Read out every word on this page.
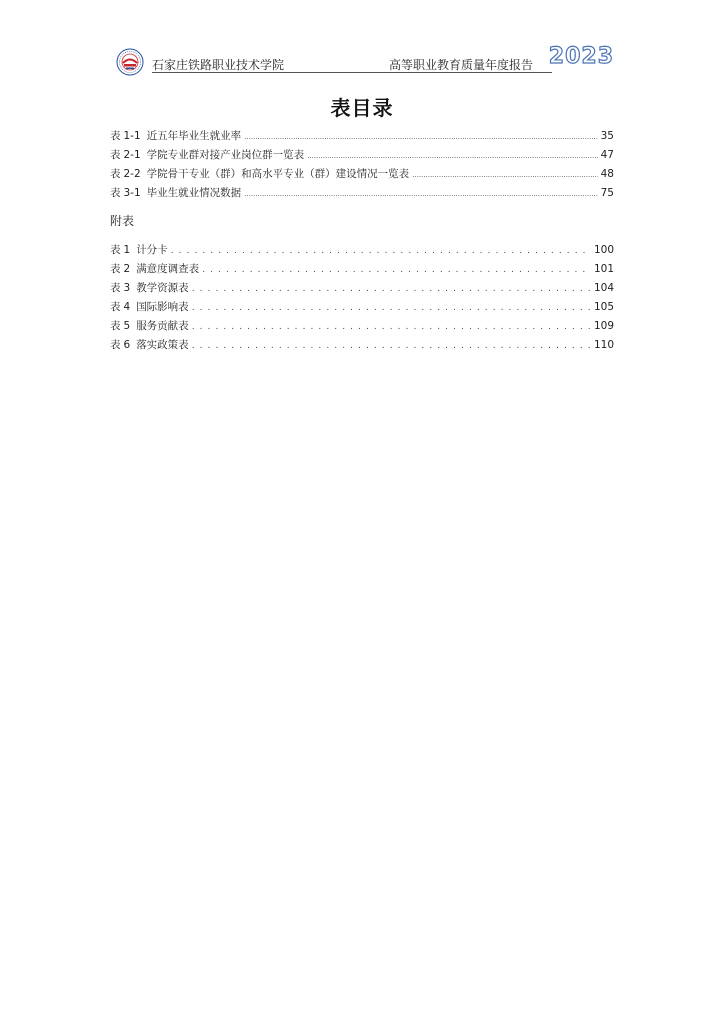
石家庄铁路职业技术学院	高等职业教育质量年度报告 2023
表目录
表 1-1 近五年毕业生就业率 .....	35
表 2-1 学院专业群对接产业岗位群一览表 .....	47
表 2-2 学院骨干专业（群）和高水平专业（群）建设情况一览表 .....	48
表 3-1 毕业生就业情况数据 .....	75
附表
表 1 计分卡 . . .	100
表 2 满意度调查表 . . .	101
表 3 教学资源表 . . .	104
表 4 国际影响表 . . .	105
表 5 服务贡献表 . . .	109
表 6 落实政策表 . . .	110
